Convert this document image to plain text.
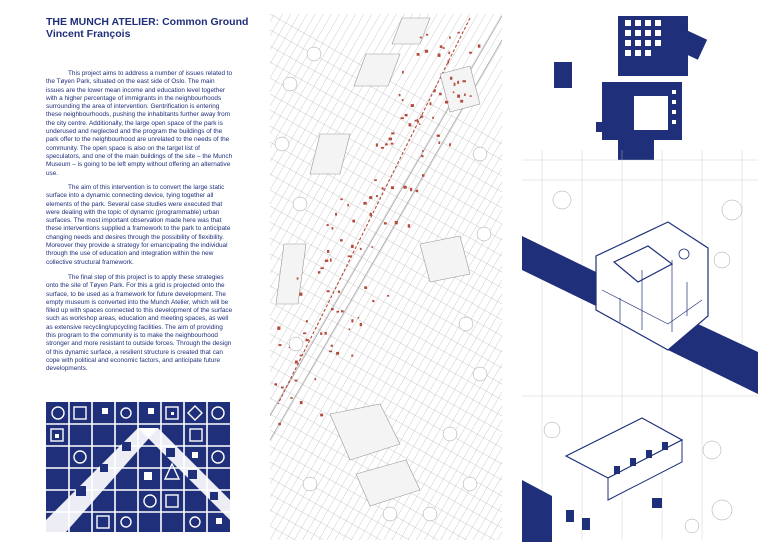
THE MUNCH ATELIER: Common Ground
Vincent François

This project aims to address a number of issues related to the Tøyen Park, situated on the east side of Oslo. The main issues are the lower mean income and education level together with a higher percentage of immigrants in the neighbourhoods surrounding the area of intervention. Gentrification is entering these neighbourhoods, pushing the inhabitants further away from the city centre. Additionally, the large open space of the park is underused and neglected and the program the buildings of the park offer to the neighbourhood are unrelated to the needs of the community. The open space is also on the target list of speculators, and one of the main buildings of the site – the Munch Museum – is going to be left empty without offering an alternative use.

The aim of this intervention is to convert the large static surface into a dynamic connecting device, tying together all elements of the park. Several case studies were executed that were dealing with the topic of dynamic (programmable) urban surfaces. The most important observation made here was that these interventions supplied a framework to the park to anticipate changing needs and desires through the possibility of flexibility. Moreover they provide a strategy for emancipating the individual through the use of education and integration within the new collective structural framework.

The final step of this project is to apply these strategies onto the site of Tøyen Park. For this a grid is projected onto the surface, to be used as a framework for future development. The empty museum is converted into the Munch Atelier, which will be filled up with spaces connected to this development of the surface such as workshop areas, education and meeting spaces, as well as extensive recycling/upcycling facilities. The aim of providing this program to the community is to make the neighbourhood stronger and more resistant to outside forces. Through the design of this dynamic surface, a resilient structure is created that can cope with political and economic factors, and anticipate future developments.
